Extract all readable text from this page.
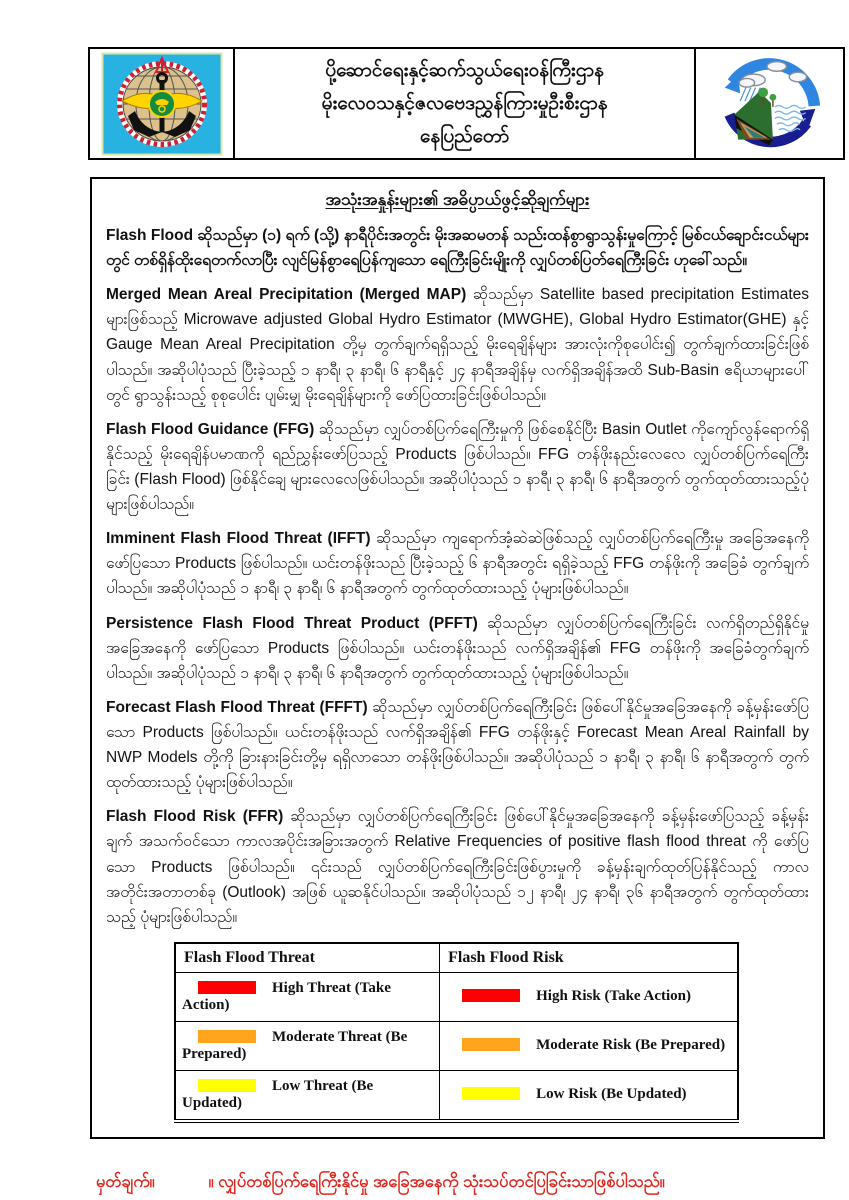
ပို့ဆောင်ရေးနှင့်ဆက်သွယ်ရေးဝန်ကြီးဌာန
မိုးလေဝသနှင့်ဇလဗေဒညွှန်ကြားမှုဦးစီးဌာန
နေပြည်တော်
အသုံးအနှုန်းများ၏ အဓိပ္ပာယ်ဖွင့်ဆိုချက်များ

Flash Flood ဆိုသည်မှာ (၁) ရက် (သို့) နာရီပိုင်းအတွင်း မိုးအဆမတန် သည်းထန်စွာရွာသွန်းမှုကြောင့် မြစ်ငယ်ချောင်းငယ်များတွင် တစ်ရှိန်ထိုးရေတက်လာပြီး လျင်မြန်စွာရေပြန်ကျသော ရေကြီးခြင်းမျိုးကို လျှပ်တစ်ပြတ်ရေကြီးခြင်း ဟုခေါ်သည်။

Merged Mean Areal Precipitation (Merged MAP) ဆိုသည်မှာ Satellite based precipitation Estimates များဖြစ်သည့် Microwave adjusted Global Hydro Estimator (MWGHE), Global Hydro Estimator(GHE) နှင့် Gauge Mean Areal Precipitation တို့မှ တွက်ချက်ရရှိသည့် မိုးရေချိန်များ အားလုံးကိုစုပေါင်း၍ တွက်ချက်ထားခြင်းဖြစ်ပါသည်။ အဆိုပါပုံသည် ပြီးခဲ့သည့် ၁ နာရီ၊ ၃ နာရီ၊ ၆ နာရီနှင့် ၂၄ နာရီအချိန်မှ လက်ရှိအချိန်အထိ Sub-Basin ဧရိယာများပေါ်တွင် ရွာသွန်းသည့် စုစုပေါင်း ပျမ်းမျှ မိုးရေချိန်များကို ဖော်ပြထားခြင်းဖြစ်ပါသည်။

Flash Flood Guidance (FFG) ဆိုသည်မှာ လျှပ်တစ်ပြက်ရေကြီးမှုကို ဖြစ်စေနိုင်ပြီး Basin Outlet ကိုကျော်လွန်ရောက်ရှိနိုင်သည့် မိုးရေချိန်ပမာဏကို ရည်ညွှန်းဖော်ပြသည့် Products ဖြစ်ပါသည်။ FFG တန်ဖိုးနည်းလေလေ လျှပ်တစ်ပြက်ရေကြီးခြင်း (Flash Flood) ဖြစ်နိုင်ချေ များလေလေဖြစ်ပါသည်။ အဆိုပါပုံသည် ၁ နာရီ၊ ၃ နာရီ၊ ၆ နာရီအတွက် တွက်ထုတ်ထားသည့်ပုံများဖြစ်ပါသည်။

Imminent Flash Flood Threat (IFFT) ဆိုသည်မှာ ကျရောက်အံ့ဆဲဆဲဖြစ်သည့် လျှပ်တစ်ပြက်ရေကြီးမှု အခြေအနေကို ဖော်ပြသော Products ဖြစ်ပါသည်။ ယင်းတန်ဖိုးသည် ပြီးခဲ့သည့် ၆ နာရီအတွင်း ရရှိခဲ့သည့် FFG တန်ဖိုးကို အခြေခံ တွက်ချက်ပါသည်။ အဆိုပါပုံသည် ၁ နာရီ၊ ၃ နာရီ၊ ၆ နာရီအတွက် တွက်ထုတ်ထားသည့် ပုံများဖြစ်ပါသည်။

Persistence Flash Flood Threat Product (PFFT) ဆိုသည်မှာ လျှပ်တစ်ပြက်ရေကြီးခြင်း လက်ရှိတည်ရှိနိုင်မှု အခြေအနေကို ဖော်ပြသော Products ဖြစ်ပါသည်။ ယင်းတန်ဖိုးသည် လက်ရှိအချိန်၏ FFG တန်ဖိုးကို အခြေခံတွက်ချက် ပါသည်။ အဆိုပါပုံသည် ၁ နာရီ၊ ၃ နာရီ၊ ၆ နာရီအတွက် တွက်ထုတ်ထားသည့် ပုံများဖြစ်ပါသည်။

Forecast Flash Flood Threat (FFFT) ဆိုသည်မှာ လျှပ်တစ်ပြက်ရေကြီးခြင်း ဖြစ်ပေါ်နိုင်မှုအခြေအနေကို ခန့်မှန်းဖော်ပြသော Products ဖြစ်ပါသည်။ ယင်းတန်ဖိုးသည် လက်ရှိအချိန်၏ FFG တန်ဖိုးနှင့် Forecast Mean Areal Rainfall by NWP Models တို့ကို ခြားနားခြင်းတို့မှ ရရှိလာသော တန်ဖိုးဖြစ်ပါသည်။ အဆိုပါပုံသည် ၁ နာရီ၊ ၃ နာရီ၊ ၆ နာရီအတွက် တွက်ထုတ်ထားသည့် ပုံများဖြစ်ပါသည်။

Flash Flood Risk (FFR) ဆိုသည်မှာ လျှပ်တစ်ပြက်ရေကြီးခြင်း ဖြစ်ပေါ်နိုင်မှုအခြေအနေကို ခန့်မှန်းဖော်ပြသည့် ခန့်မှန်းချက် အသက်ဝင်သော ကာလအပိုင်းအခြားအတွက် Relative Frequencies of positive flash flood threat ကို ဖော်ပြသော Products ဖြစ်ပါသည်။ ၎င်းသည် လျှပ်တစ်ပြက်ရေကြီးခြင်းဖြစ်ပွားမှုကို ခန့်မှန်းချက်ထုတ်ပြန်နိုင်သည့် ကာလအတိုင်းအတာတစ်ခု (Outlook) အဖြစ် ယူဆနိုင်ပါသည်။ အဆိုပါပုံသည် ၁၂ နာရီ၊ ၂၄ နာရီ၊ ၃၆ နာရီအတွက် တွက်ထုတ်ထားသည့် ပုံများဖြစ်ပါသည်။

Flash Flood Threat	Flash Flood Risk
High Threat (Take Action)	High Risk (Take Action)
Moderate Threat (Be Prepared)	Moderate Risk (Be Prepared)
Low Threat (Be Updated)	Low Risk (Be Updated)
မှတ်ချက်။	။ လျှပ်တစ်ပြက်ရေကြီးနိုင်မှု အခြေအနေကို သုံးသပ်တင်ပြခြင်းသာဖြစ်ပါသည်။
